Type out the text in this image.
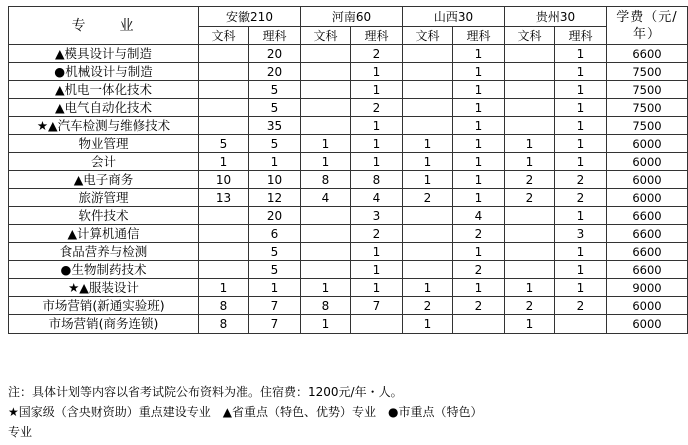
专　　业	安徽210		河南60		山西30		贵州30		学费（元/年）
	文科	理科	文科	理科	文科	理科	文科	理科	
▲模具设计与制造		20		2		1		1	6600
●机械设计与制造		20		1		1		1	7500
▲机电一体化技术		5		1		1		1	7500
▲电气自动化技术		5		2		1		1	7500
★▲汽车检测与维修技术		35		1		1		1	7500
物业管理	5	5	1	1	1	1	1	1	6000
会计	1	1	1	1	1	1	1	1	6000
▲电子商务	10	10	8	8	1	1	2	2	6000
旅游管理	13	12	4	4	2	1	2	2	6000
软件技术		20		3		4		1	6600
▲计算机通信		6		2		2		3	6600
食品营养与检测		5		1		1		1	6600
●生物制药技术		5		1		2		1	6600
★▲服装设计	1	1	1	1	1	1	1	1	9000
市场营销(新通实验班)	8	7	8	7	2	2	2	2	6000
市场营销(商务连锁)	8	7	1		1		1		6000
注：具体计划等内容以省考试院公布资料为准。住宿费：1200元/年・人。
★国家级（含央财资助）重点建设专业　▲省重点（特色、优势）专业　●市重点（特色）
专业
